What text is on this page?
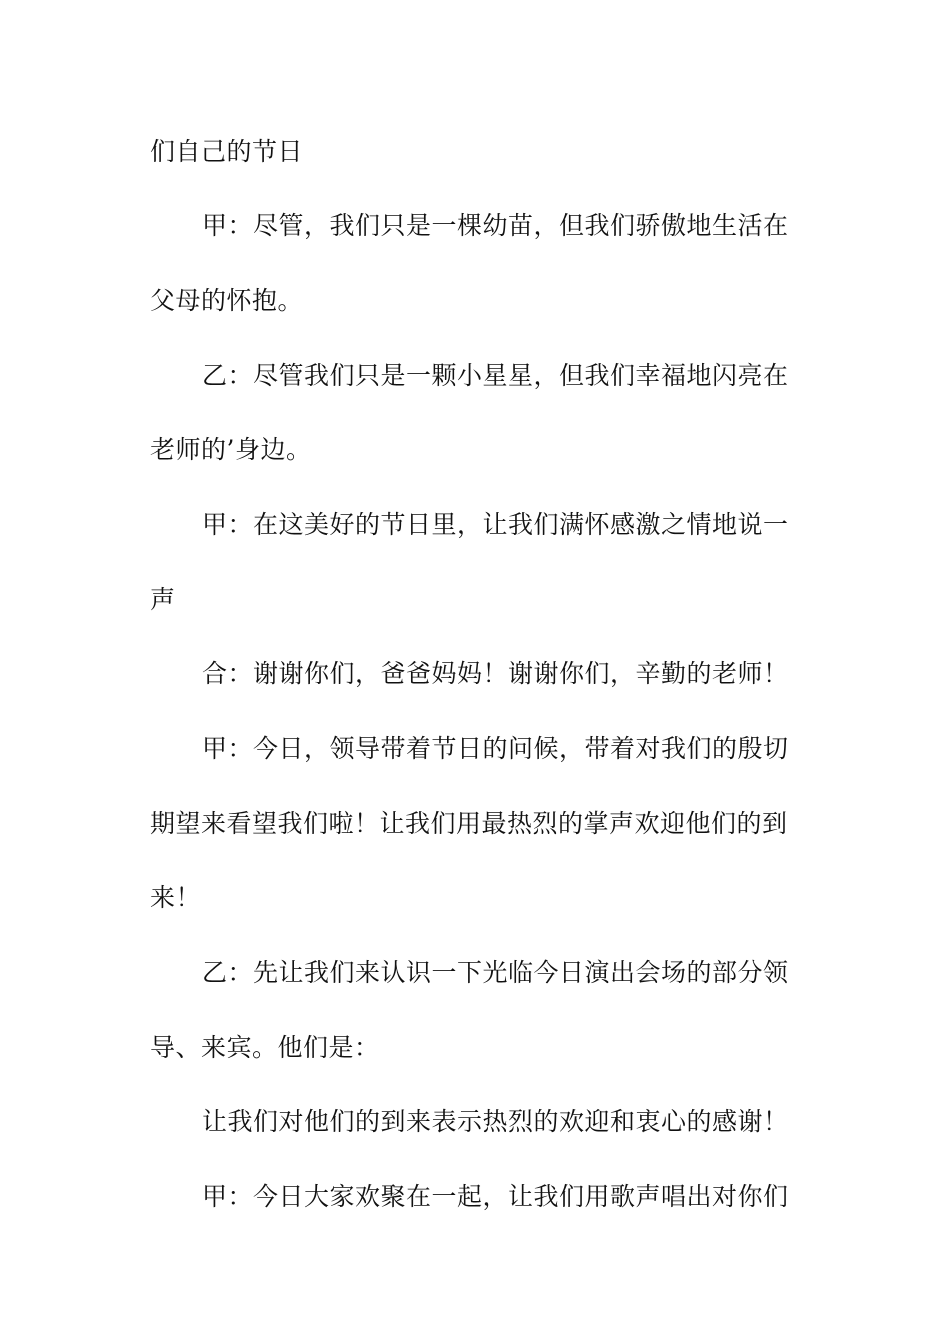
们自己的节日
甲：尽管，我们只是一棵幼苗，但我们骄傲地生活在
父母的怀抱。
乙：尽管我们只是一颗小星星，但我们幸福地闪亮在
老师的’身边。
甲：在这美好的节日里，让我们满怀感激之情地说一
声
合：谢谢你们，爸爸妈妈！谢谢你们，辛勤的老师！
甲：今日，领导带着节日的问候，带着对我们的殷切
期望来看望我们啦！让我们用最热烈的掌声欢迎他们的到
来！
乙：先让我们来认识一下光临今日演出会场的部分领
导、来宾。他们是：
让我们对他们的到来表示热烈的欢迎和衷心的感谢！
甲：今日大家欢聚在一起，让我们用歌声唱出对你们
